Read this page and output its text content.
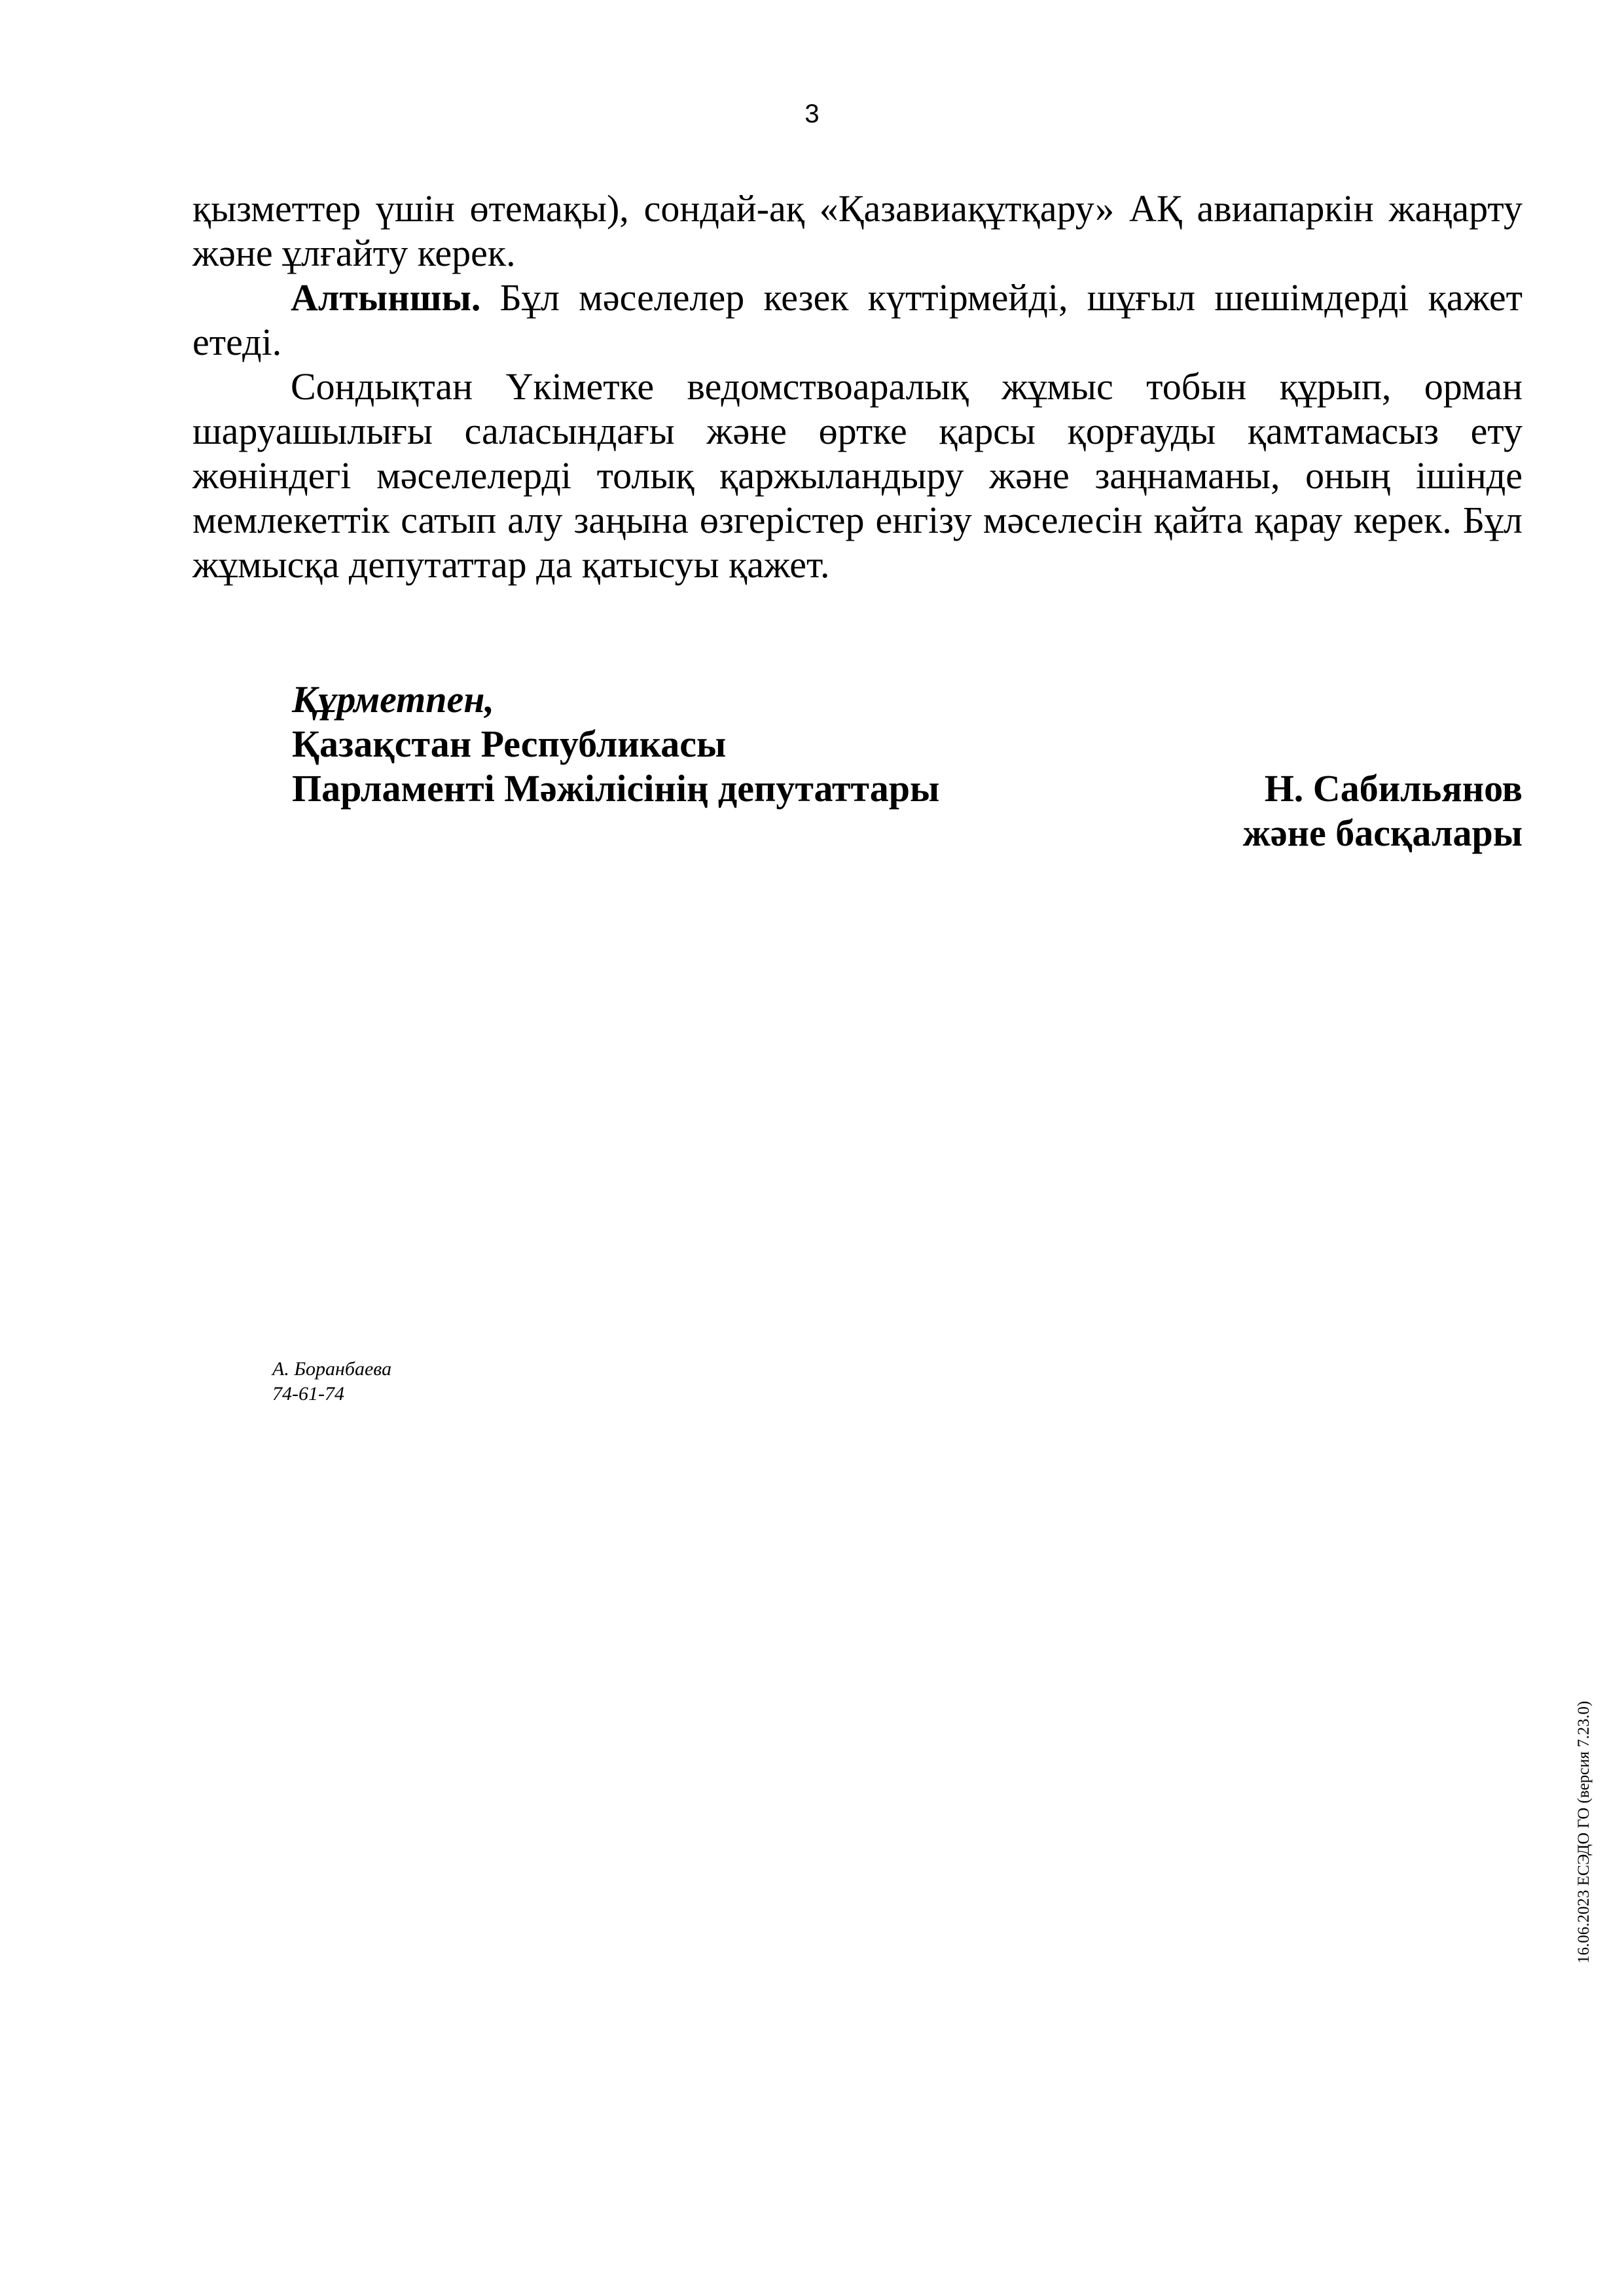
3

қызметтер үшін өтемақы), сондай-ақ «Қазавиақұтқару» АҚ авиапаркін жаңарту және ұлғайту керек.

Алтыншы. Бұл мәселелер кезек күттірмейді, шұғыл шешімдерді қажет етеді.

Сондықтан Үкіметке ведомствоаралық жұмыс тобын құрып, орман шаруашылығы саласындағы және өртке қарсы қорғауды қамтамасыз ету жөніндегі мәселелерді толық қаржыландыру және заңнаманы, оның ішінде мемлекеттік сатып алу заңына өзгерістер енгізу мәселесін қайта қарау керек. Бұл жұмысқа депутаттар да қатысуы қажет.

Құрметпен,
Қазақстан Республикасы
Парламенті Мәжілісінің депутаттары	Н. Сабильянов
және басқалары
А. Боранбаева
74-61-74
16.06.2023 ЕСЭДО ГО (версия 7.23.0)
